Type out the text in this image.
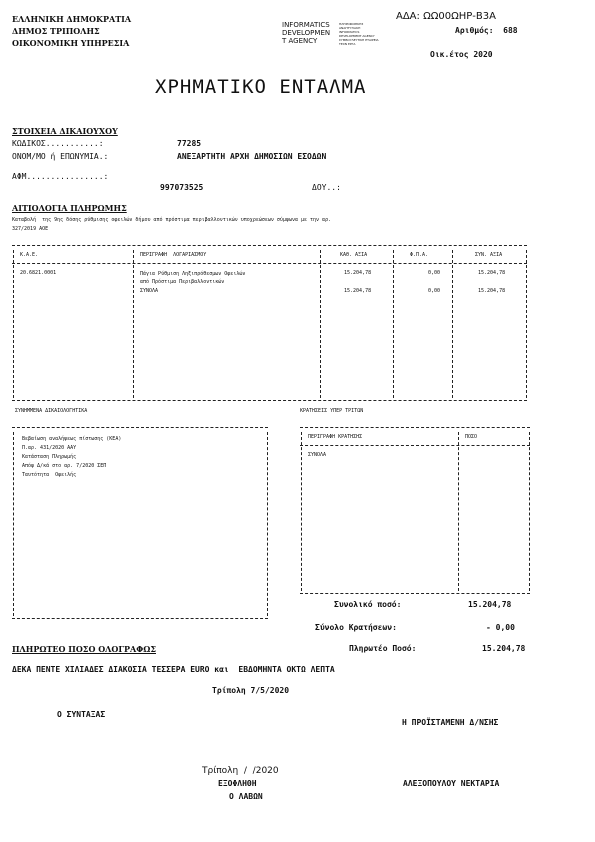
ΕΛΛΗΝΙΚΗ ΔΗΜΟΚΡΑΤΙΑ
ΔΗΜΟΣ ΤΡΙΠΟΛΗΣ
ΟΙΚΟΝΟΜΙΚΗ ΥΠΗΡΕΣΙΑ
INFORMATICS
DEVELOPMEN
T AGENCY
ΠΛΗΡΟΦΟΡΙΚΗΣ
ΑΝΑΠΤΥΞΙΑΚΗ
INFORMATICS
DEVELOPMENT AGENCY
ΣΥΜΒΟΥΛΕΥΤΙΚΗ ΕΤΑΙΡΕΙΑ
ΤΕΧΝ ΕΡΓΑ
ΑΔΑ: ΩΩ00ΩΗΡ-Β3Α
Αριθμός: 688
Οικ.έτος 2020
ΧΡΗΜΑΤΙΚΟ ΕΝΤΑΛΜΑ
ΣΤΟΙΧΕΙΑ ΔΙΚΑΙΟΥΧΟΥ
ΚΩΔΙΚΟΣ...........:	77285
ΟΝΟΜ/ΜΟ ή ΕΠΩΝΥΜΙΑ.:	ΑΝΕΞΑΡΤΗΤΗ ΑΡΧΗ ΔΗΜΟΣΙΩΝ ΕΣΟΔΩΝ
ΑΦΜ................:
997073525	ΔΟΥ..:
ΑΙΤΙΟΛΟΓΙΑ ΠΛΗΡΩΜΗΣ
Καταβολή  της 9ης δόσης ρύθμισης οφειλών δήμου από πρόστιμα περιβαλλοντικών υποχρεώσεων σύμφωνα με την αρ.
327/2019 ΑΟΕ
Κ.Α.Ε.	ΠΕΡΙΓΡΑΦΗ  ΛΟΓΑΡΙΑΣΜΟΥ	ΚΑΘ. ΑΞΙΑ	Φ.Π.Α.	ΣΥΝ. ΑΞΙΑ
20.6821.0001	Πάγια Ρύθμιση Ληξιπρόθεσμων Οφειλών
από Πρόστιμα Περιβαλλοντικών
15.204,78	0,00	15.204,78
ΣΥΝΟΛΑ	15.204,78	0,00	15.204,78
ΣΥΝΗΜΜΕΝΑ ΔΙΚΑΙΟΛΟΓΗΤΙΚΑ
Βεβαίωση αναλήψεως πίστωσης (ΚΕΑ)
Π.αρ. 431/2020 ΑΑΥ
Κατάσταση Πληρωμής
Απόφ Δ/κά στο αρ. 7/2020 ΣΕΠ
Ταυτότητα  Οφειλής
ΚΡΑΤΗΣΕΙΣ ΥΠΕΡ ΤΡΙΤΩΝ
ΠΕΡΙΓΡΑΦΗ ΚΡΑΤΗΣΗΣ	ΠΟΣΟ
ΣΥΝΟΛΑ
Συνολικό ποσό:	15.204,78
Σύνολο Κρατήσεων:	- 0,00
Πληρωτέο Ποσό:	15.204,78
ΠΛΗΡΩΤΕΟ ΠΟΣΟ ΟΛΟΓΡΑΦΩΣ
ΔΕΚΑ ΠΕΝΤΕ ΧΙΛΙΑΔΕΣ ΔΙΑΚΟΣΙΑ ΤΕΣΣΕΡΑ EURO και  ΕΒΔΟΜΗΝΤΑ ΟΚΤΩ ΛΕΠΤΑ
Τρίπολη 7/5/2020
Ο ΣΥΝΤΑΞΑΣ
Η ΠΡΟΪΣΤΑΜΕΝΗ Δ/ΝΣΗΣ
Τρίπολη  /  /2020
ΕΞΟΦΛΗΘΗ	ΑΛΕΞΟΠΟΥΛΟΥ ΝΕΚΤΑΡΙΑ
Ο ΛΑΒΩΝ
